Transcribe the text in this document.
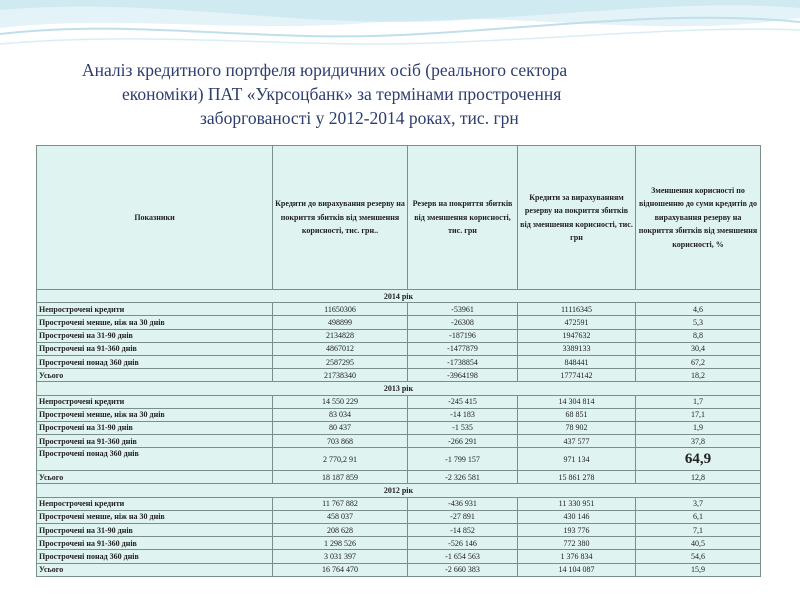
Аналіз кредитного портфеля юридичних осіб (реального сектора
економіки) ПАТ «Укрсоцбанк» за термінами прострочення
заборгованості у 2012-2014 роках, тис. грн
Показники	Кредити до вирахування резерву на покриття збитків від зменшення корисності, тис. грн..	Резерв на покриття збитків від зменшення корисності, тис. грн	Кредити за вирахуванням резерву на покриття збитків від зменшення корисності, тис. грн	Зменшення корисності по відношенню до суми кредитів до вирахування резерву на покриття збитків від зменшення корисності, %
2014 рік				
Непрострочені кредити	11650306	-53961	11116345	4,6
Прострочені менше, ніж на 30 днів	498899	-26308	472591	5,3
Прострочені на 31-90 днів	2134828	-187196	1947632	8,8
Прострочені на 91-360 днів	4867012	-1477879	3389133	30,4
Прострочені понад 360 днів	2587295	-1738854	848441	67,2
Усього	21738340	-3964198	17774142	18,2
2013 рік				
Непрострочені кредити	14 550 229	-245 415	14 304 814	1,7
Прострочені менше, ніж на 30 днів	83 034	-14 183	68 851	17,1
Прострочені на 31-90 днів	80 437	-1 535	78 902	1,9
Прострочені на 91-360 днів	703 868	-266 291	437 577	37,8
Прострочені понад 360 днів	2 770,2 91	-1 799 157	971 134	64,9
Усього	18 187 859	-2 326 581	15 861 278	12,8
2012 рік				
Непрострочені кредити	11 767 882	-436 931	11 330 951	3,7
Прострочені менше, ніж на 30 днів	458 037	-27 891	430 146	6,1
Прострочені на 31-90 днів	208 628	-14 852	193 776	7,1
Прострочені на 91-360 днів	1 298 526	-526 146	772 380	40,5
Прострочені понад 360 днів	3 031 397	-1 654 563	1 376 834	54,6
Усього	16 764 470	-2 660 383	14 104 087	15,9
